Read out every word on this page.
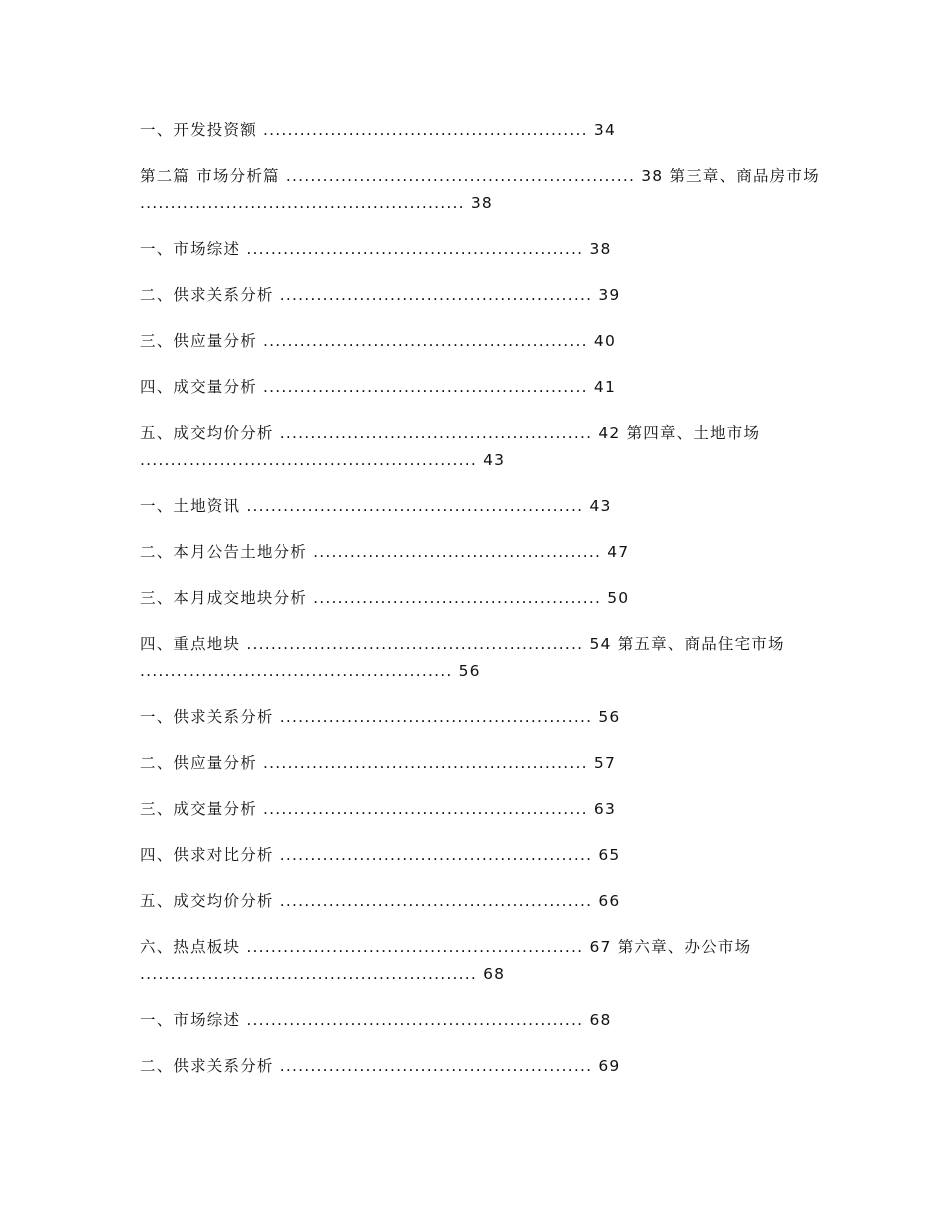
一、开发投资额 ..................................................... 34
第二篇 市场分析篇 ......................................................... 38 第三章、商品房市场 ..................................................... 38
一、市场综述 ....................................................... 38
二、供求关系分析 ................................................... 39
三、供应量分析 ..................................................... 40
四、成交量分析 ..................................................... 41
五、成交均价分析 ................................................... 42 第四章、土地市场 ....................................................... 43
一、土地资讯 ....................................................... 43
二、本月公告土地分析 ............................................... 47
三、本月成交地块分析 ............................................... 50
四、重点地块 ....................................................... 54 第五章、商品住宅市场 ................................................... 56
一、供求关系分析 ................................................... 56
二、供应量分析 ..................................................... 57
三、成交量分析 ..................................................... 63
四、供求对比分析 ................................................... 65
五、成交均价分析 ................................................... 66
六、热点板块 ....................................................... 67 第六章、办公市场 ....................................................... 68
一、市场综述 ....................................................... 68
二、供求关系分析 ................................................... 69
